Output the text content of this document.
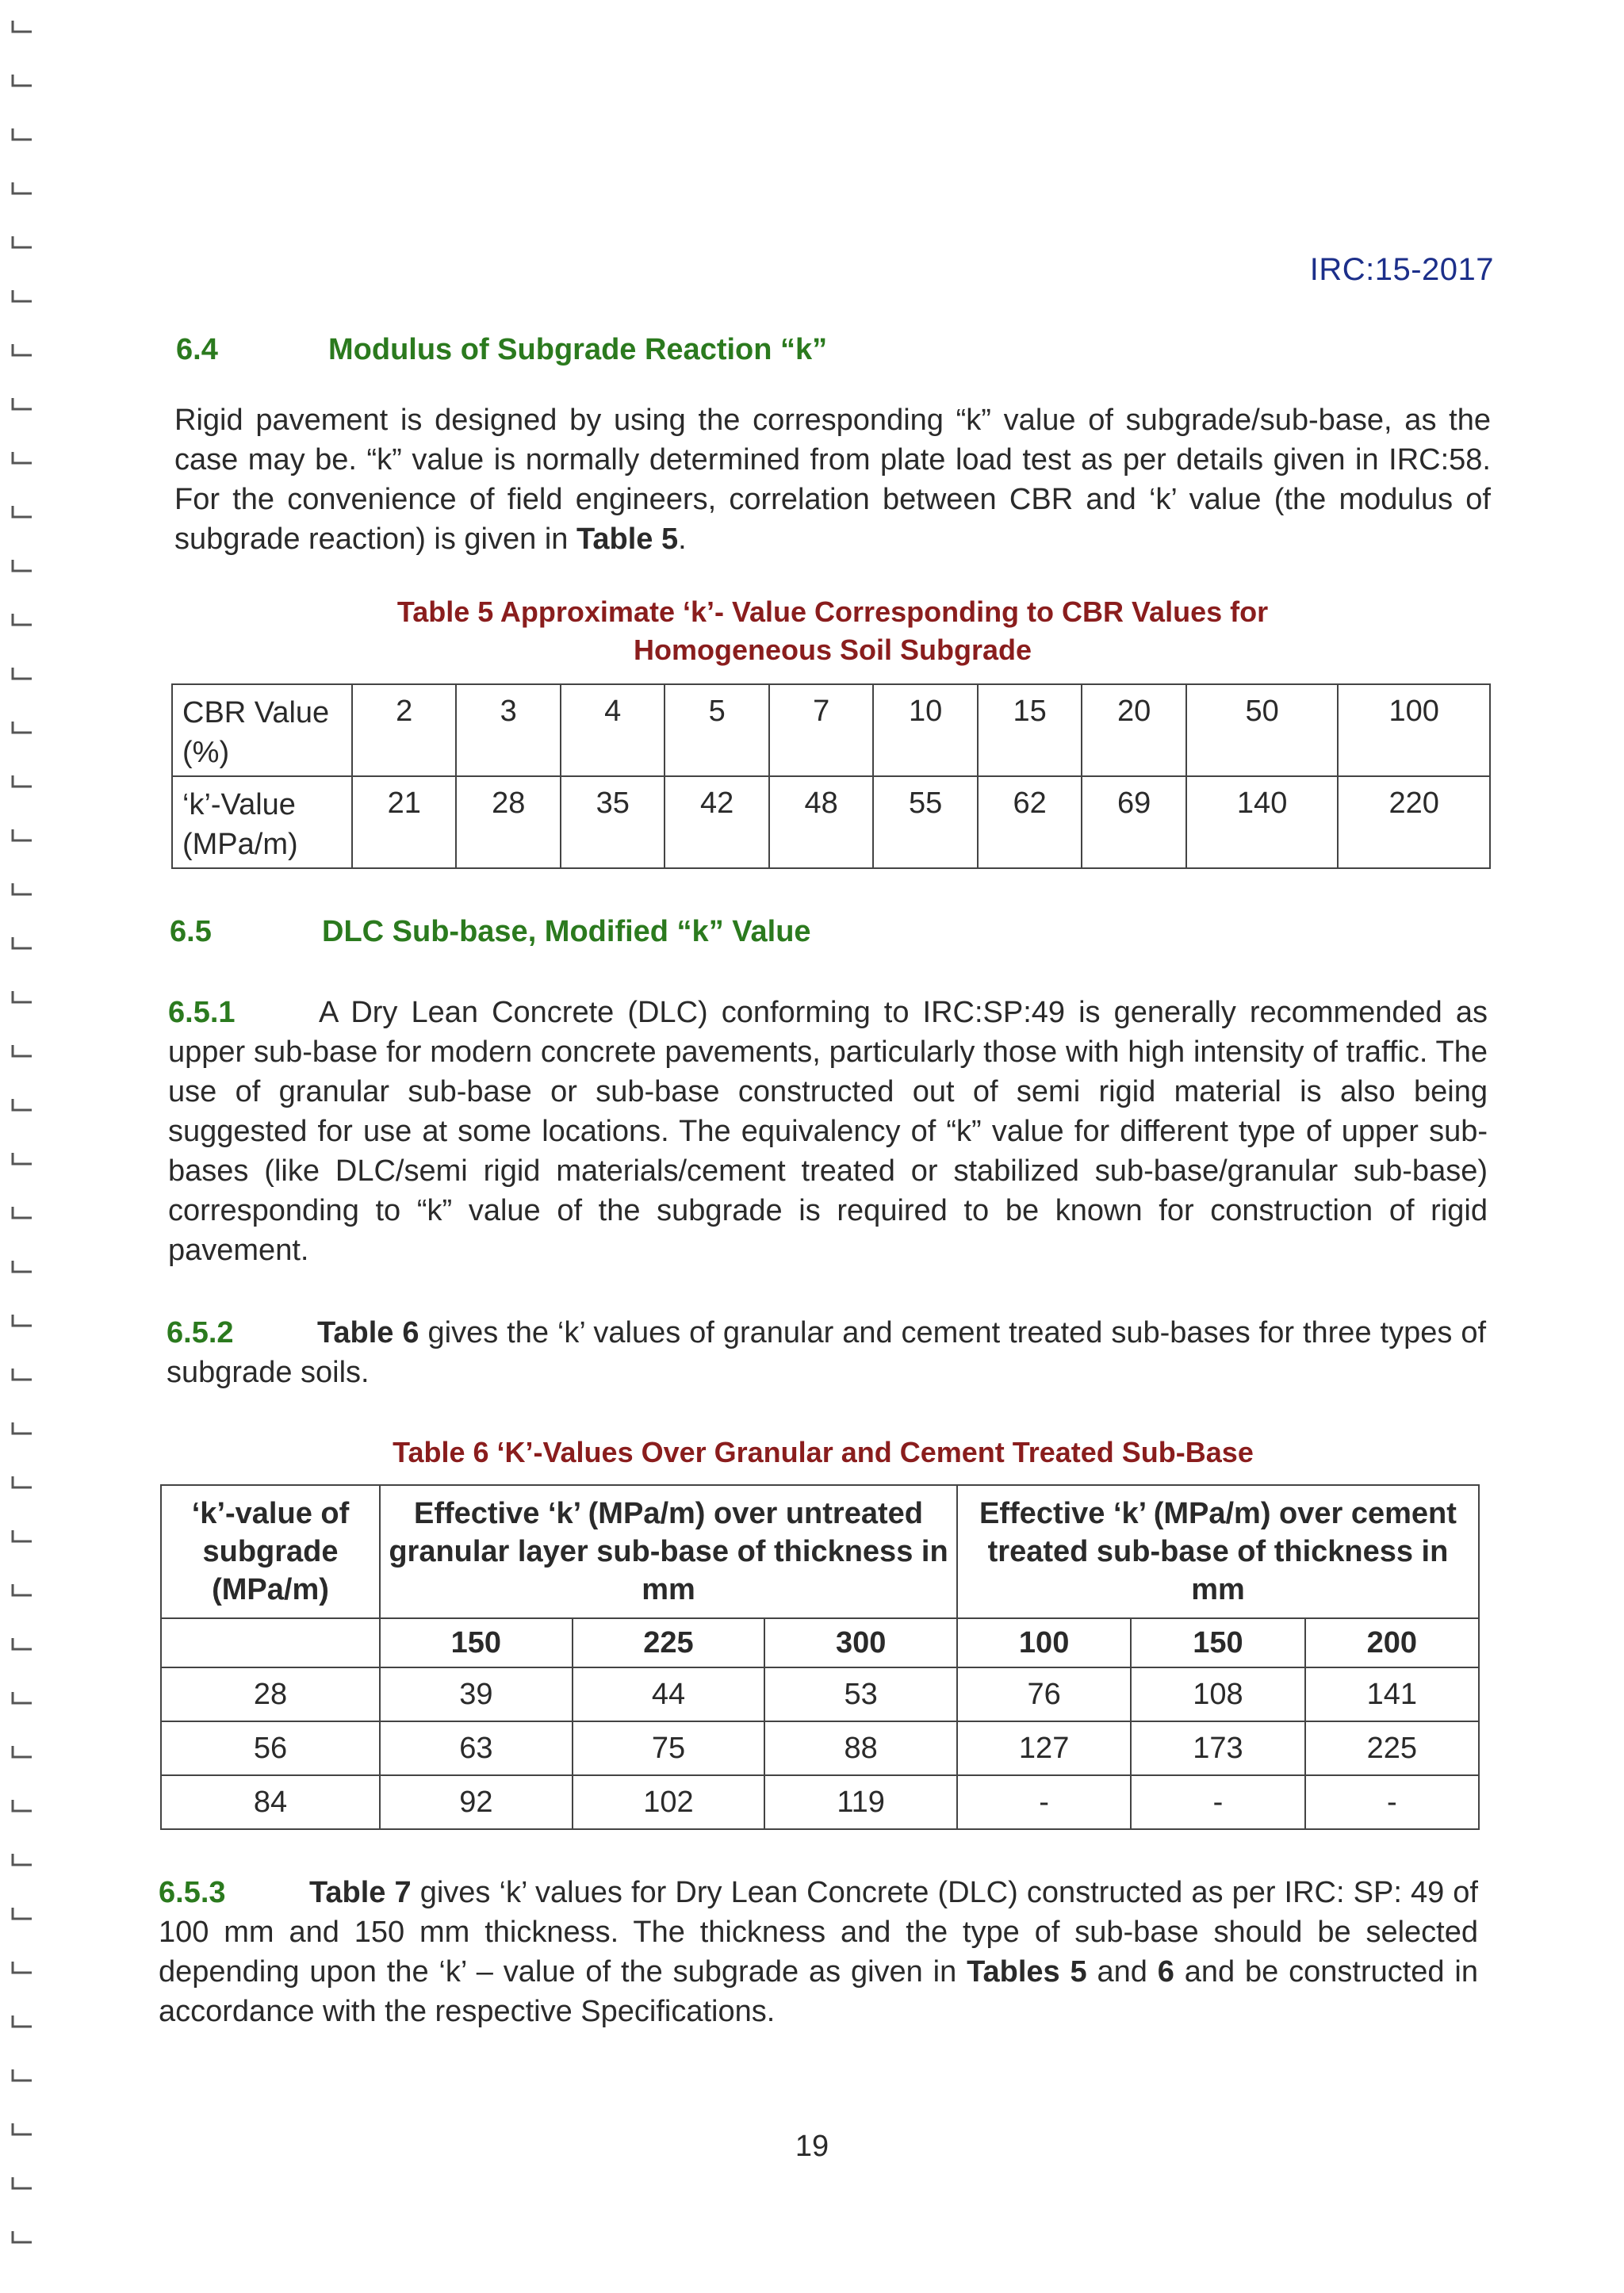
IRC:15-2017
6.4	Modulus of Subgrade Reaction “k”
Rigid pavement is designed by using the corresponding “k” value of subgrade/sub-base, as the case may be. “k” value is normally determined from plate load test as per details given in IRC:58. For the convenience of field engineers, correlation between CBR and ‘k’ value (the modulus of subgrade reaction) is given in Table 5.
Table 5 Approximate ‘k’- Value Corresponding to CBR Values for
Homogeneous Soil Subgrade
CBR Value (%)	2	3	4	5	7	10	15	20	50	100
‘k’-Value (MPa/m)	21	28	35	42	48	55	62	69	140	220
6.5	DLC Sub-base, Modified “k” Value
6.5.1	A Dry Lean Concrete (DLC) conforming to IRC:SP:49 is generally recommended as upper sub-base for modern concrete pavements, particularly those with high intensity of traffic. The use of granular sub-base or sub-base constructed out of semi rigid material is also being suggested for use at some locations. The equivalency of “k” value for different type of upper sub-bases (like DLC/semi rigid materials/cement treated or stabilized sub-base/granular sub-base) corresponding to “k” value of the subgrade is required to be known for construction of rigid pavement.
6.5.2	Table 6 gives the ‘k’ values of granular and cement treated sub-bases for three types of subgrade soils.
Table 6 ‘K’-Values Over Granular and Cement Treated Sub-Base
‘k’-value of subgrade (MPa/m)	Effective ‘k’ (MPa/m) over untreated granular layer sub-base of thickness in mm			Effective ‘k’ (MPa/m) over cement treated sub-base of thickness in mm		
	150	225	300	100	150	200
28	39	44	53	76	108	141
56	63	75	88	127	173	225
84	92	102	119	-	-	-
6.5.3	Table 7 gives ‘k’ values for Dry Lean Concrete (DLC) constructed as per IRC: SP: 49 of 100 mm and 150 mm thickness. The thickness and the type of sub-base should be selected depending upon the ‘k’ – value of the subgrade as given in Tables 5 and 6 and be constructed in accordance with the respective Specifications.
19
